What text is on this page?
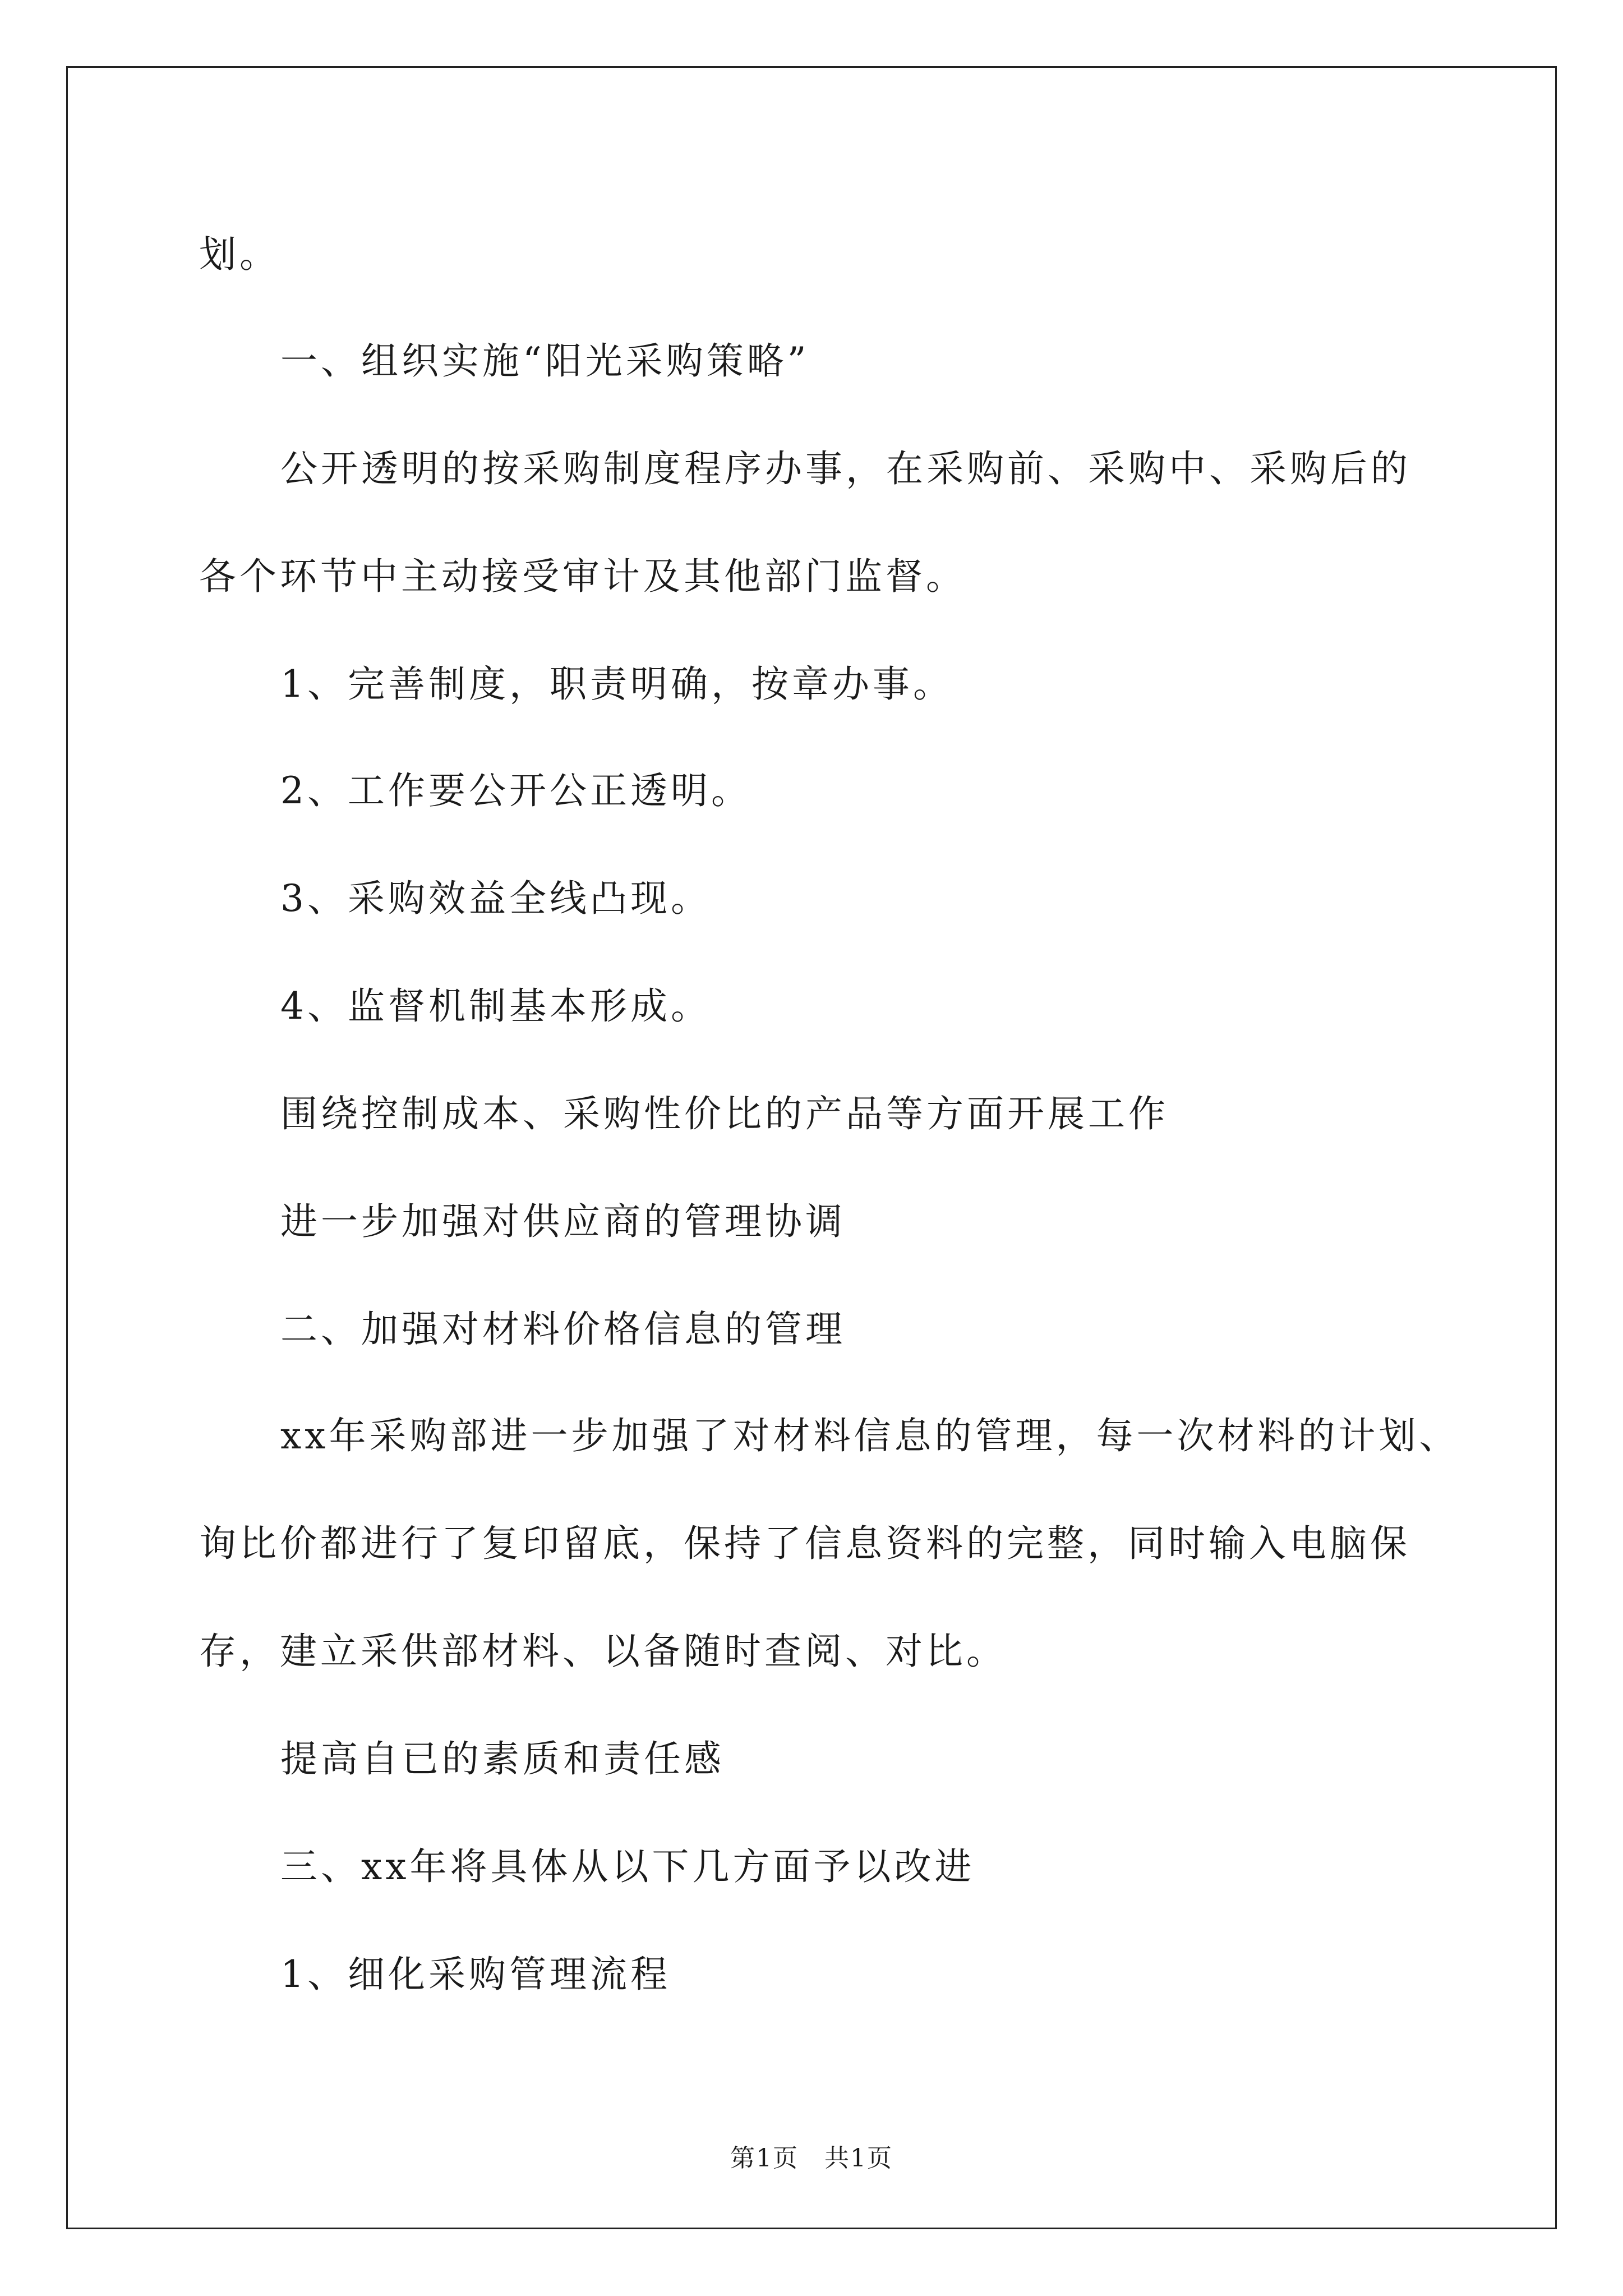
划。
一、组织实施“阳光采购策略”
公开透明的按采购制度程序办事，在采购前、采购中、采购后的
各个环节中主动接受审计及其他部门监督。
1、完善制度，职责明确，按章办事。
2、工作要公开公正透明。
3、采购效益全线凸现。
4、监督机制基本形成。
围绕控制成本、采购性价比的产品等方面开展工作
进一步加强对供应商的管理协调
二、加强对材料价格信息的管理
xx年采购部进一步加强了对材料信息的管理，每一次材料的计划、
询比价都进行了复印留底，保持了信息资料的完整，同时输入电脑保
存，建立采供部材料、以备随时查阅、对比。
提高自已的素质和责任感
三、xx年将具体从以下几方面予以改进
1、细化采购管理流程
第1页 共1页
